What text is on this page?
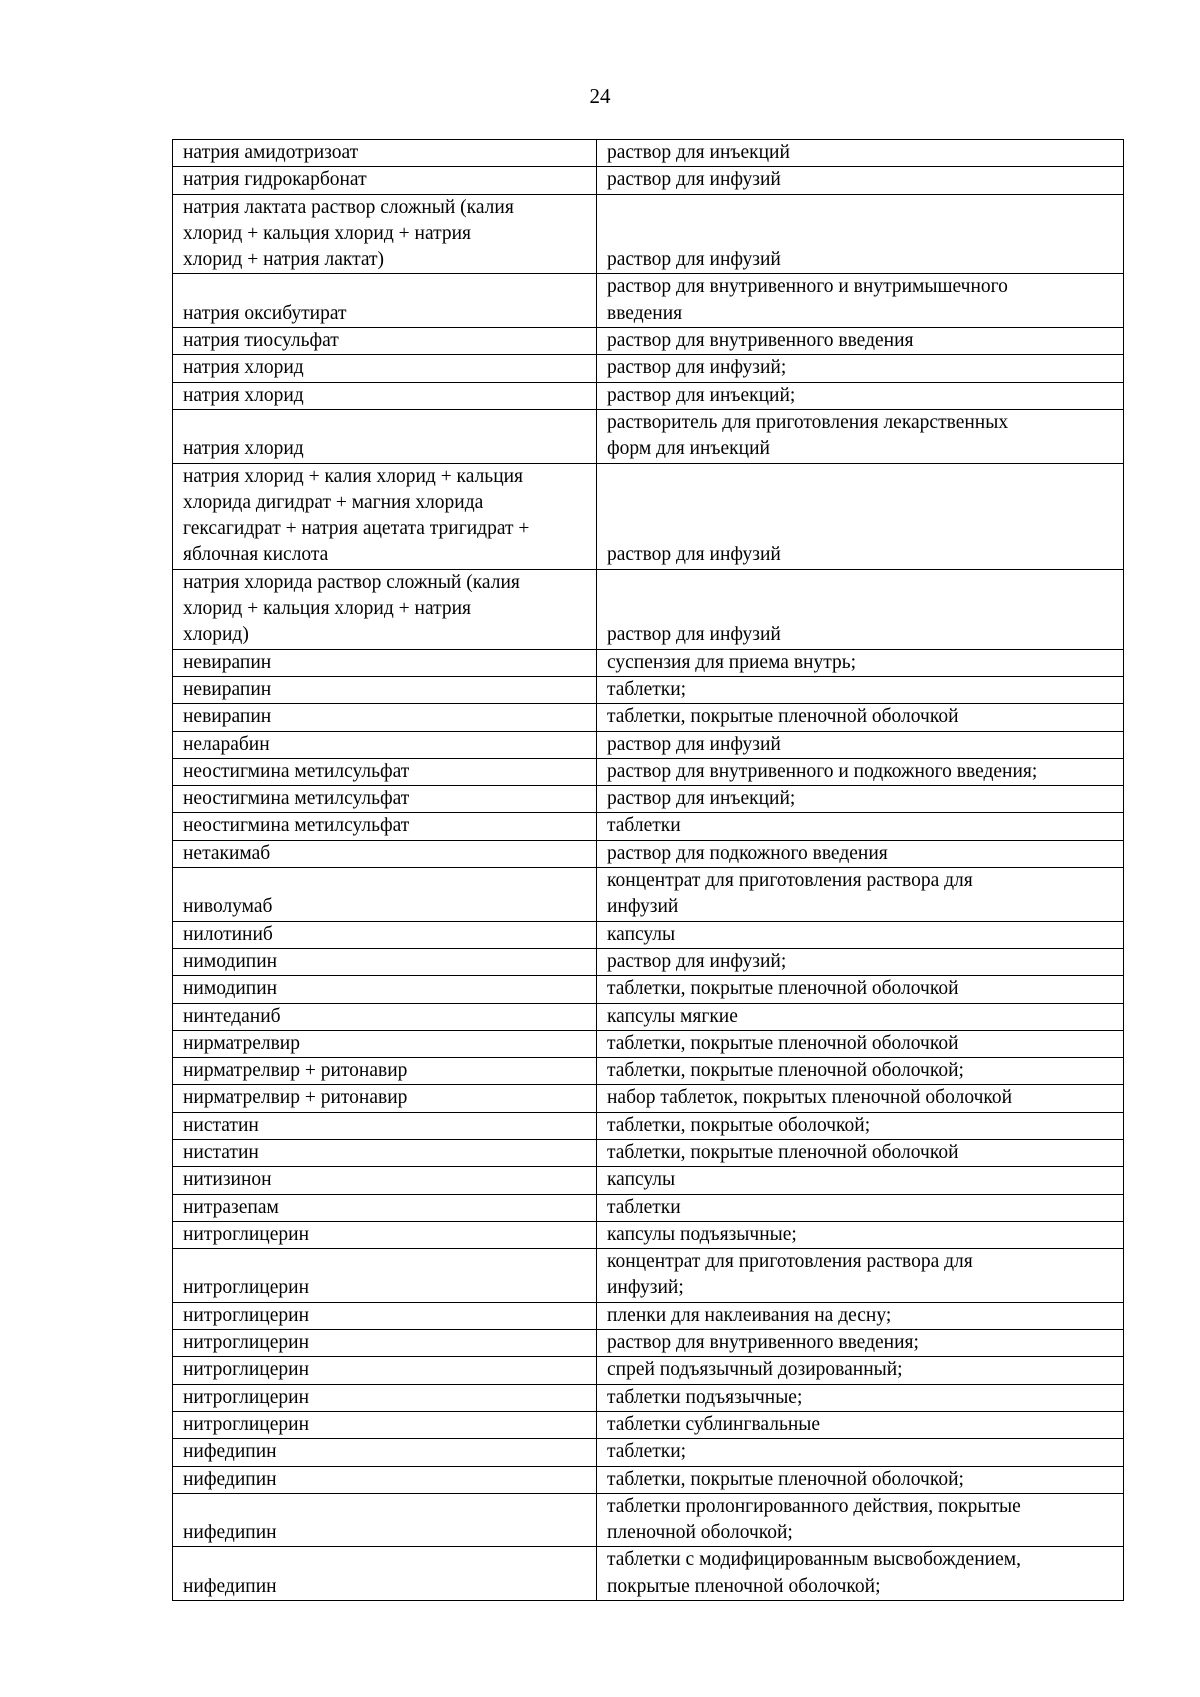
24
натрия амидотризоат	раствор для инъекций
натрия гидрокарбонат	раствор для инфузий
натрия лактата раствор сложный (калия
хлорид + кальция хлорид + натрия
хлорид + натрия лактат)	раствор для инфузий
натрия оксибутират	раствор для внутривенного и внутримышечного
введения
натрия тиосульфат	раствор для внутривенного введения
натрия хлорид	раствор для инфузий;
натрия хлорид	раствор для инъекций;
натрия хлорид	растворитель для приготовления лекарственных
форм для инъекций
натрия хлорид + калия хлорид + кальция
хлорида дигидрат + магния хлорида
гексагидрат + натрия ацетата тригидрат +
яблочная кислота	раствор для инфузий
натрия хлорида раствор сложный (калия
хлорид + кальция хлорид + натрия
хлорид)	раствор для инфузий
невирапин	суспензия для приема внутрь;
невирапин	таблетки;
невирапин	таблетки, покрытые пленочной оболочкой
неларабин	раствор для инфузий
неостигмина метилсульфат	раствор для внутривенного и подкожного введения;
неостигмина метилсульфат	раствор для инъекций;
неостигмина метилсульфат	таблетки
нетакимаб	раствор для подкожного введения
ниволумаб	концентрат для приготовления раствора для
инфузий
нилотиниб	капсулы
нимодипин	раствор для инфузий;
нимодипин	таблетки, покрытые пленочной оболочкой
нинтеданиб	капсулы мягкие
нирматрелвир	таблетки, покрытые пленочной оболочкой
нирматрелвир + ритонавир	таблетки, покрытые пленочной оболочкой;
нирматрелвир + ритонавир	набор таблеток, покрытых пленочной оболочкой
нистатин	таблетки, покрытые оболочкой;
нистатин	таблетки, покрытые пленочной оболочкой
нитизинон	капсулы
нитразепам	таблетки
нитроглицерин	капсулы подъязычные;
нитроглицерин	концентрат для приготовления раствора для
инфузий;
нитроглицерин	пленки для наклеивания на десну;
нитроглицерин	раствор для внутривенного введения;
нитроглицерин	спрей подъязычный дозированный;
нитроглицерин	таблетки подъязычные;
нитроглицерин	таблетки сублингвальные
нифедипин	таблетки;
нифедипин	таблетки, покрытые пленочной оболочкой;
нифедипин	таблетки пролонгированного действия, покрытые
пленочной оболочкой;
нифедипин	таблетки с модифицированным высвобождением,
покрытые пленочной оболочкой;
